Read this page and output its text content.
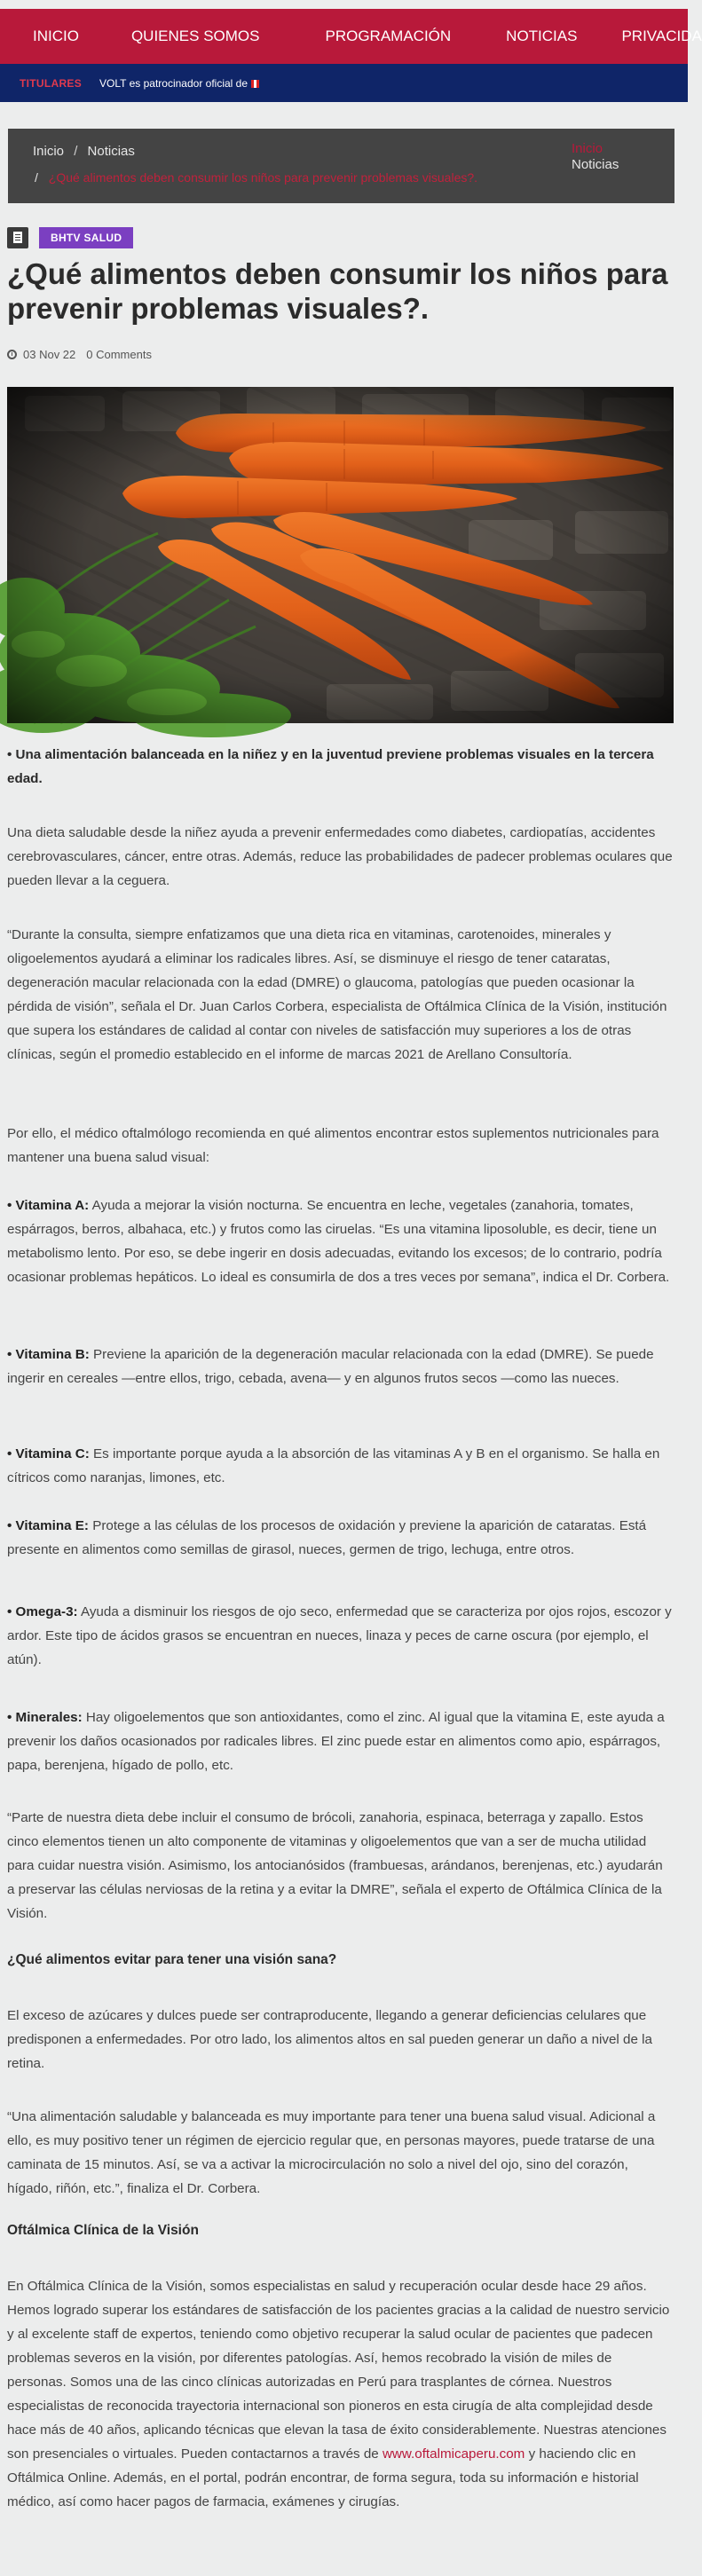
INICIO	QUIENES SOMOS	PROGRAMACIÓN	NOTICIAS	PRIVACIDA
TITULARES VOLT es patrocinador oficial de
Inicio / Noticias
/ ¿Qué alimentos deben consumir los niños para prevenir problemas visuales?.
Inicio
Noticias
BHTV SALUD
¿Qué alimentos deben consumir los niños para prevenir problemas visuales?.
03 Nov 22 0 Comments

• Una alimentación balanceada en la niñez y en la juventud previene problemas visuales en la tercera edad.

Una dieta saludable desde la niñez ayuda a prevenir enfermedades como diabetes, cardiopatías, accidentes cerebrovasculares, cáncer, entre otras. Además, reduce las probabilidades de padecer problemas oculares que pueden llevar a la ceguera.

“Durante la consulta, siempre enfatizamos que una dieta rica en vitaminas, carotenoides, minerales y oligoelementos ayudará a eliminar los radicales libres. Así, se disminuye el riesgo de tener cataratas, degeneración macular relacionada con la edad (DMRE) o glaucoma, patologías que pueden ocasionar la pérdida de visión”, señala el Dr. Juan Carlos Corbera, especialista de Oftálmica Clínica de la Visión, institución que supera los estándares de calidad al contar con niveles de satisfacción muy superiores a los de otras clínicas, según el promedio establecido en el informe de marcas 2021 de Arellano Consultoría.

Por ello, el médico oftalmólogo recomienda en qué alimentos encontrar estos suplementos nutricionales para mantener una buena salud visual:

• Vitamina A: Ayuda a mejorar la visión nocturna. Se encuentra en leche, vegetales (zanahoria, tomates, espárragos, berros, albahaca, etc.) y frutos como las ciruelas. “Es una vitamina liposoluble, es decir, tiene un metabolismo lento. Por eso, se debe ingerir en dosis adecuadas, evitando los excesos; de lo contrario, podría ocasionar problemas hepáticos. Lo ideal es consumirla de dos a tres veces por semana”, indica el Dr. Corbera.

• Vitamina B: Previene la aparición de la degeneración macular relacionada con la edad (DMRE). Se puede ingerir en cereales —entre ellos, trigo, cebada, avena— y en algunos frutos secos —como las nueces.

• Vitamina C: Es importante porque ayuda a la absorción de las vitaminas A y B en el organismo. Se halla en cítricos como naranjas, limones, etc.

• Vitamina E: Protege a las células de los procesos de oxidación y previene la aparición de cataratas. Está presente en alimentos como semillas de girasol, nueces, germen de trigo, lechuga, entre otros.

• Omega-3: Ayuda a disminuir los riesgos de ojo seco, enfermedad que se caracteriza por ojos rojos, escozor y ardor. Este tipo de ácidos grasos se encuentran en nueces, linaza y peces de carne oscura (por ejemplo, el atún).

• Minerales: Hay oligoelementos que son antioxidantes, como el zinc. Al igual que la vitamina E, este ayuda a prevenir los daños ocasionados por radicales libres. El zinc puede estar en alimentos como apio, espárragos, papa, berenjena, hígado de pollo, etc.

“Parte de nuestra dieta debe incluir el consumo de brócoli, zanahoria, espinaca, beterraga y zapallo. Estos cinco elementos tienen un alto componente de vitaminas y oligoelementos que van a ser de mucha utilidad para cuidar nuestra visión. Asimismo, los antocianósidos (frambuesas, arándanos, berenjenas, etc.) ayudarán a preservar las células nerviosas de la retina y a evitar la DMRE”, señala el experto de Oftálmica Clínica de la Visión.

¿Qué alimentos evitar para tener una visión sana?

El exceso de azúcares y dulces puede ser contraproducente, llegando a generar deficiencias celulares que predisponen a enfermedades. Por otro lado, los alimentos altos en sal pueden generar un daño a nivel de la retina.

“Una alimentación saludable y balanceada es muy importante para tener una buena salud visual. Adicional a ello, es muy positivo tener un régimen de ejercicio regular que, en personas mayores, puede tratarse de una caminata de 15 minutos. Así, se va a activar la microcirculación no solo a nivel del ojo, sino del corazón, hígado, riñón, etc.”, finaliza el Dr. Corbera.

Oftálmica Clínica de la Visión

En Oftálmica Clínica de la Visión, somos especialistas en salud y recuperación ocular desde hace 29 años. Hemos logrado superar los estándares de satisfacción de los pacientes gracias a la calidad de nuestro servicio y al excelente staff de expertos, teniendo como objetivo recuperar la salud ocular de pacientes que padecen problemas severos en la visión, por diferentes patologías. Así, hemos recobrado la visión de miles de personas. Somos una de las cinco clínicas autorizadas en Perú para trasplantes de córnea. Nuestros especialistas de reconocida trayectoria internacional son pioneros en esta cirugía de alta complejidad desde hace más de 40 años, aplicando técnicas que elevan la tasa de éxito considerablemente. Nuestras atenciones son presenciales o virtuales. Pueden contactarnos a través de www.oftalmicaperu.com y haciendo clic en Oftálmica Online. Además, en el portal, podrán encontrar, de forma segura, toda su información e historial médico, así como hacer pagos de farmacia, exámenes y cirugías.
